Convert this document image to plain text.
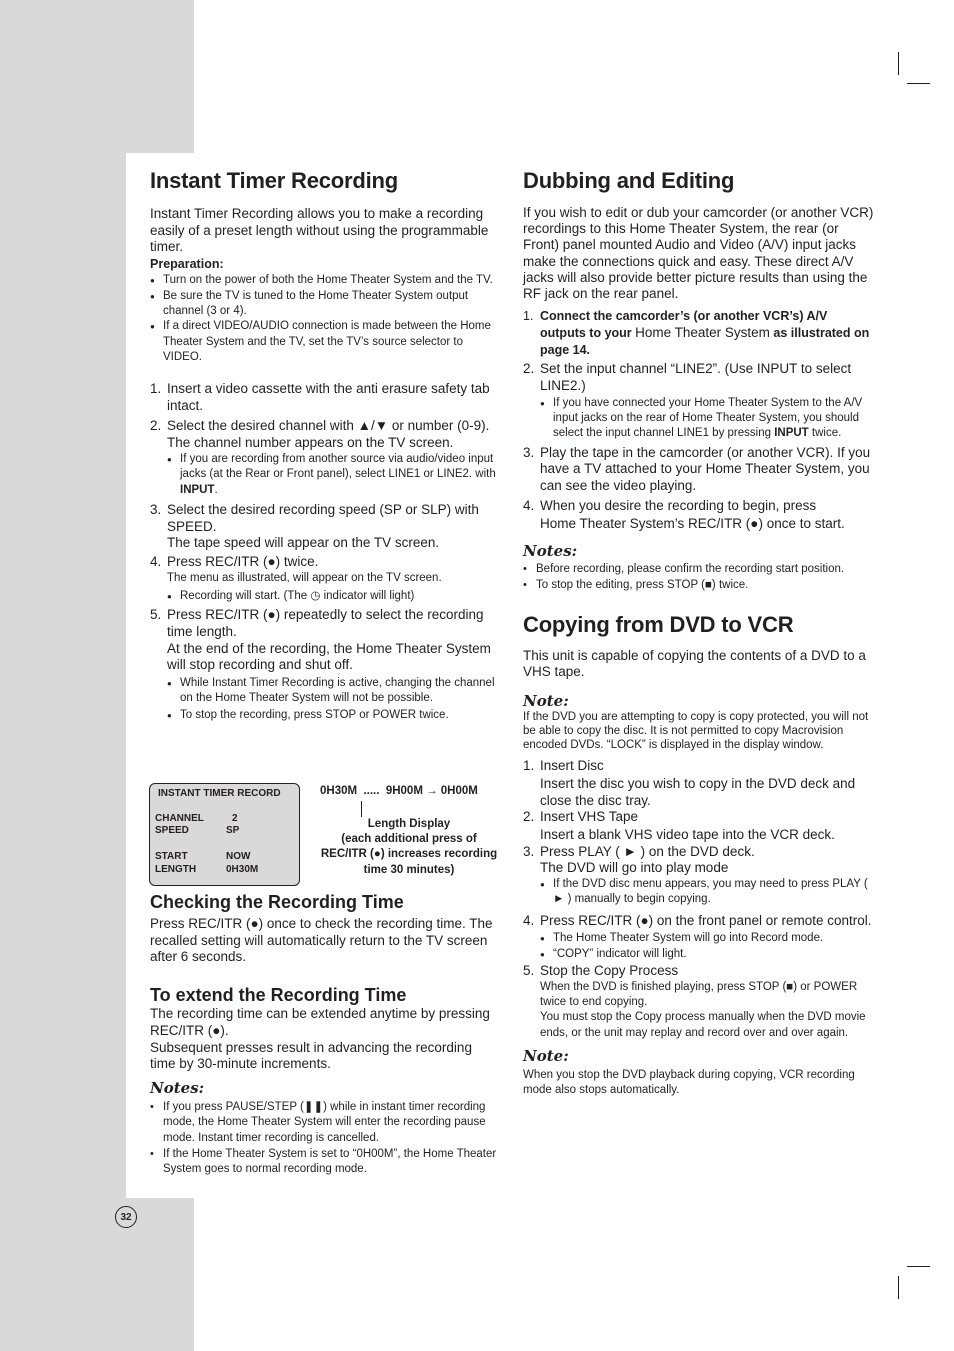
32
Instant Timer Recording

Instant Timer Recording allows you to make a recording easily of a preset length without using the programmable timer.

Preparation:

● Turn on the power of both the Home Theater System and the TV.
● Be sure the TV is tuned to the Home Theater System output channel (3 or 4).
● If a direct VIDEO/AUDIO connection is made between the Home Theater System and the TV, set the TV’s source selector to VIDEO.
1. Insert a video cassette with the anti erasure safety tab intact.
2. Select the desired channel with ▲/▼ or number (0-9).
The channel number appears on the TV screen.
● If you are recording from another source via audio/video input jacks (at the Rear or Front panel), select LINE1 or LINE2. with INPUT.
3. Select the desired recording speed (SP or SLP) with SPEED.
The tape speed will appear on the TV screen.
4. Press REC/ITR (●) twice.
The menu as illustrated, will appear on the TV screen.
● Recording will start. (The ◷ indicator will light)
5. Press REC/ITR (●) repeatedly to select the recording time length.
At the end of the recording, the Home Theater System will stop recording and shut off.
● While Instant Timer Recording is active, changing the channel on the Home Theater System will not be possible.
● To stop the recording, press STOP or POWER twice.
INSTANT TIMER RECORD
CHANNEL	2
SPEED	SP
START	NOW
LENGTH	0H30M
0H30M  .....  9H00M → 0H00M
Length Display
(each additional press of
REC/ITR (●) increases recording
time 30 minutes)
Checking the Recording Time

Press REC/ITR (●) once to check the recording time. The recalled setting will automatically return to the TV screen after 6 seconds.

To extend the Recording Time

The recording time can be extended anytime by pressing REC/ITR (●).

Subsequent presses result in advancing the recording time by 30-minute increments.

Notes:

• If you press PAUSE/STEP (❚❚) while in instant timer recording mode, the Home Theater System will enter the recording pause mode. Instant timer recording is cancelled.
• If the Home Theater System is set to “0H00M”, the Home Theater System goes to normal recording mode.
Dubbing and Editing

If you wish to edit or dub your camcorder (or another VCR) recordings to this Home Theater System, the rear (or Front) panel mounted Audio and Video (A/V) input jacks make the connections quick and easy. These direct A/V jacks will also provide better picture results than using the RF jack on the rear panel.

1. Connect the camcorder’s (or another VCR’s) A/V outputs to your Home Theater System as illustrated on page 14.
2. Set the input channel “LINE2”. (Use INPUT to select LINE2.)
● If you have connected your Home Theater System to the A/V input jacks on the rear of Home Theater System, you should select the input channel LINE1 by pressing INPUT twice.
3. Play the tape in the camcorder (or another VCR). If you have a TV attached to your Home Theater System, you can see the video playing.
4. When you desire the recording to begin, press
Home Theater System’s REC/ITR (●) once to start.

Notes:

• Before recording, please confirm the recording start position.
• To stop the editing, press STOP (■) twice.
Copying from DVD to VCR

This unit is capable of copying the contents of a DVD to a VHS tape.

Note:

If the DVD you are attempting to copy is copy protected, you will not be able to copy the disc. It is not permitted to copy Macrovision encoded DVDs. “LOCK” is displayed in the display window.

1. Insert Disc
Insert the disc you wish to copy in the DVD deck and close the disc tray.
2. Insert VHS Tape
Insert a blank VHS video tape into the VCR deck.
3. Press PLAY ( ► ) on the DVD deck.
The DVD will go into play mode
● If the DVD disc menu appears, you may need to press PLAY ( ► ) manually to begin copying.
4. Press REC/ITR (●) on the front panel or remote control.
● The Home Theater System will go into Record mode.
● “COPY” indicator will light.
5. Stop the Copy Process
When the DVD is finished playing, press STOP (■) or POWER twice to end copying.
You must stop the Copy process manually when the DVD movie ends, or the unit may replay and record over and over again.

Note:

When you stop the DVD playback during copying, VCR recording mode also stops automatically.
